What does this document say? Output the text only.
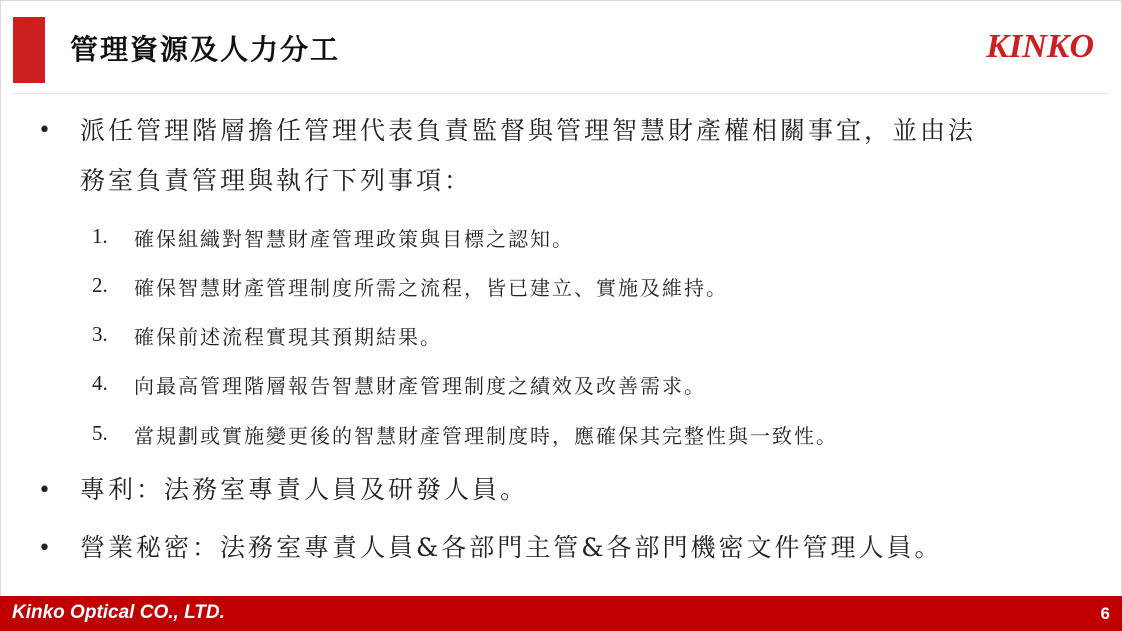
管理資源及人力分工	KINKO
• 派任管理階層擔任管理代表負責監督與管理智慧財產權相關事宜，並由法
務室負責管理與執行下列事項：
1. 確保組織對智慧財產管理政策與目標之認知。
2. 確保智慧財產管理制度所需之流程，皆已建立、實施及維持。
3. 確保前述流程實現其預期結果。
4. 向最高管理階層報告智慧財產管理制度之績效及改善需求。
5. 當規劃或實施變更後的智慧財產管理制度時，應確保其完整性與一致性。
• 專利：法務室專責人員及研發人員。
• 營業秘密：法務室專責人員&各部門主管&各部門機密文件管理人員。
Kinko Optical CO., LTD.	6
